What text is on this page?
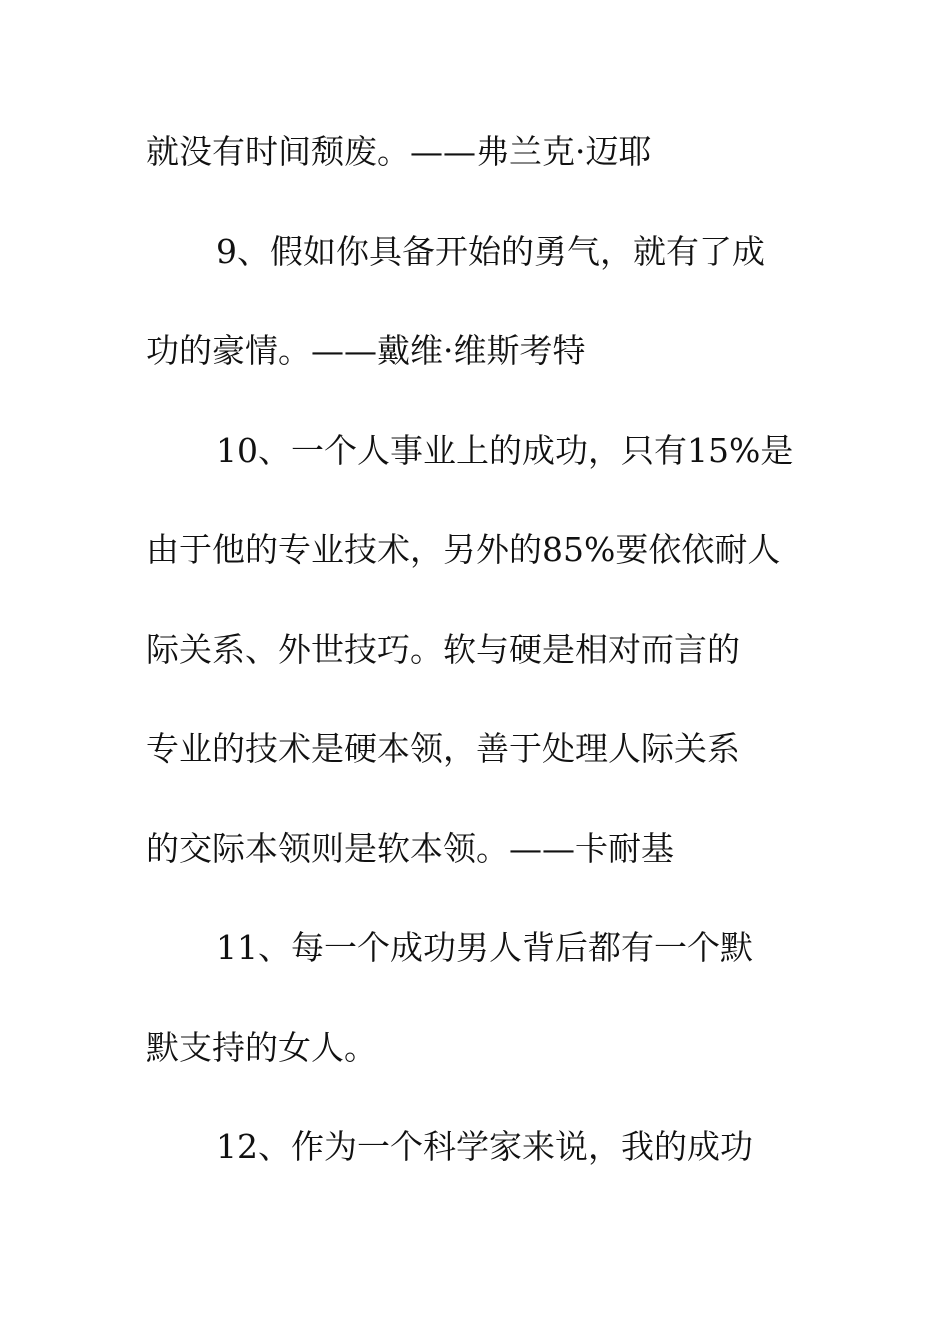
就没有时间颓废。——弗兰克·迈耶
9、假如你具备开始的勇气，就有了成
功的豪情。——戴维·维斯考特
10、一个人事业上的成功，只有15%是
由于他的专业技术，另外的85%要依依耐人
际关系、外世技巧。软与硬是相对而言的
专业的技术是硬本领，善于处理人际关系
的交际本领则是软本领。——卡耐基
11、每一个成功男人背后都有一个默
默支持的女人。
12、作为一个科学家来说，我的成功
